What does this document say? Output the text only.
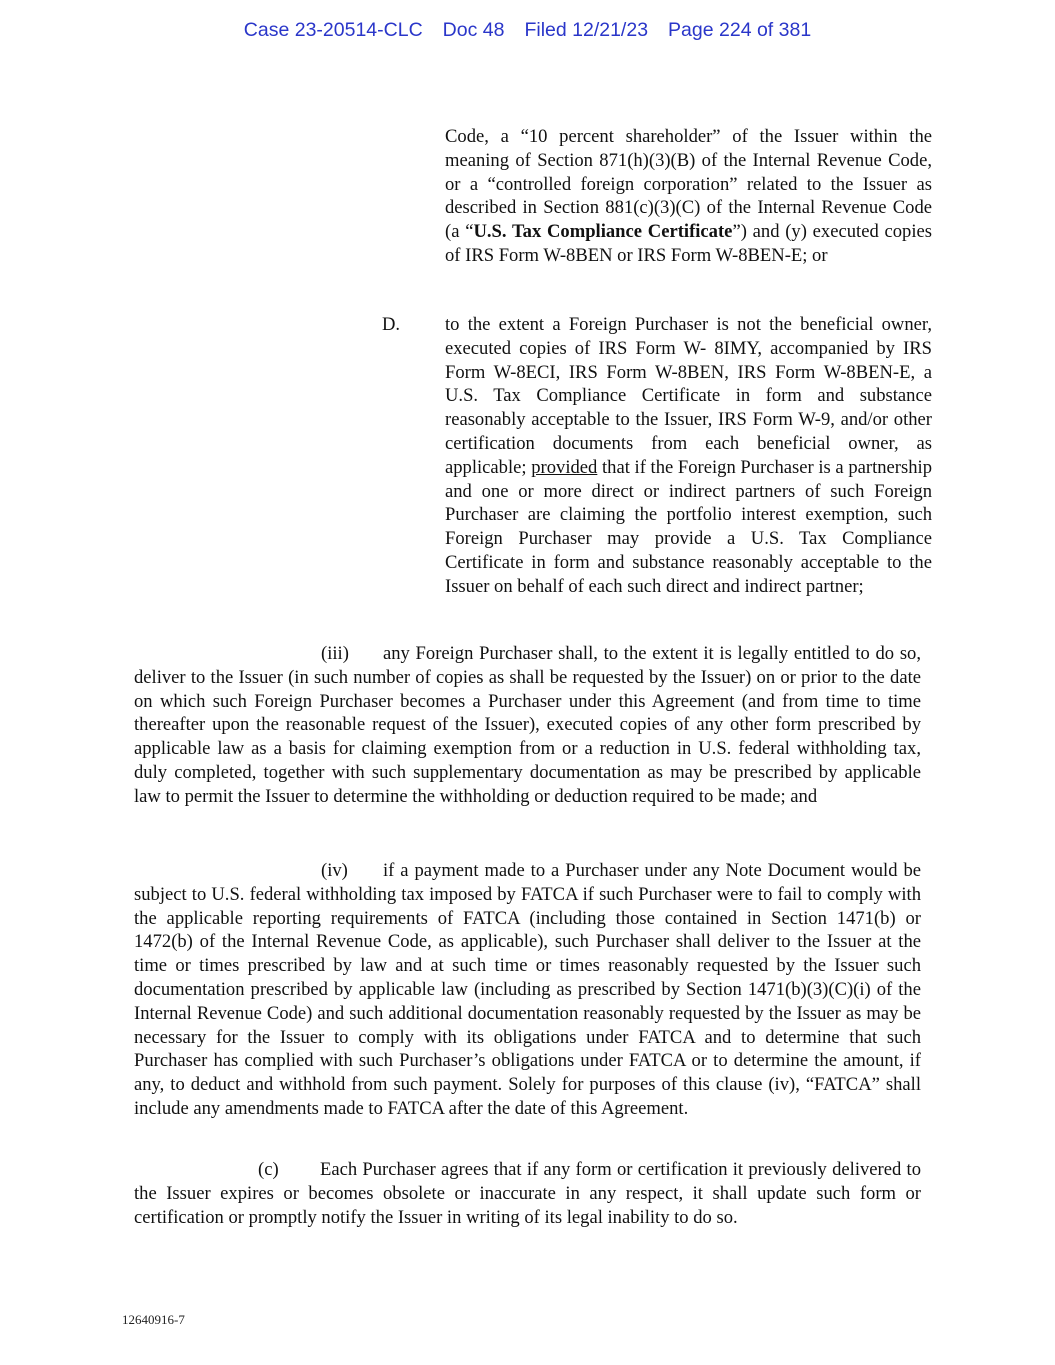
Case 23-20514-CLC Doc 48 Filed 12/21/23 Page 224 of 381

Code, a “10 percent shareholder” of the Issuer within the meaning of Section 871(h)(3)(B) of the Internal Revenue Code, or a “controlled foreign corporation” related to the Issuer as described in Section 881(c)(3)(C) of the Internal Revenue Code (a “U.S. Tax Compliance Certificate”) and (y) executed copies of IRS Form W-8BEN or IRS Form W-8BEN-E; or

D. to the extent a Foreign Purchaser is not the beneficial owner, executed copies of IRS Form W- 8IMY, accompanied by IRS Form W-8ECI, IRS Form W-8BEN, IRS Form W-8BEN-E, a U.S. Tax Compliance Certificate in form and substance reasonably acceptable to the Issuer, IRS Form W-9, and/or other certification documents from each beneficial owner, as applicable; provided that if the Foreign Purchaser is a partnership and one or more direct or indirect partners of such Foreign Purchaser are claiming the portfolio interest exemption, such Foreign Purchaser may provide a U.S. Tax Compliance Certificate in form and substance reasonably acceptable to the Issuer on behalf of each such direct and indirect partner;

(iii) any Foreign Purchaser shall, to the extent it is legally entitled to do so, deliver to the Issuer (in such number of copies as shall be requested by the Issuer) on or prior to the date on which such Foreign Purchaser becomes a Purchaser under this Agreement (and from time to time thereafter upon the reasonable request of the Issuer), executed copies of any other form prescribed by applicable law as a basis for claiming exemption from or a reduction in U.S. federal withholding tax, duly completed, together with such supplementary documentation as may be prescribed by applicable law to permit the Issuer to determine the withholding or deduction required to be made; and

(iv) if a payment made to a Purchaser under any Note Document would be subject to U.S. federal withholding tax imposed by FATCA if such Purchaser were to fail to comply with the applicable reporting requirements of FATCA (including those contained in Section 1471(b) or 1472(b) of the Internal Revenue Code, as applicable), such Purchaser shall deliver to the Issuer at the time or times prescribed by law and at such time or times reasonably requested by the Issuer such documentation prescribed by applicable law (including as prescribed by Section 1471(b)(3)(C)(i) of the Internal Revenue Code) and such additional documentation reasonably requested by the Issuer as may be necessary for the Issuer to comply with its obligations under FATCA and to determine that such Purchaser has complied with such Purchaser’s obligations under FATCA or to determine the amount, if any, to deduct and withhold from such payment. Solely for purposes of this clause (iv), “FATCA” shall include any amendments made to FATCA after the date of this Agreement.

(c) Each Purchaser agrees that if any form or certification it previously delivered to the Issuer expires or becomes obsolete or inaccurate in any respect, it shall update such form or certification or promptly notify the Issuer in writing of its legal inability to do so.

12640916-7
